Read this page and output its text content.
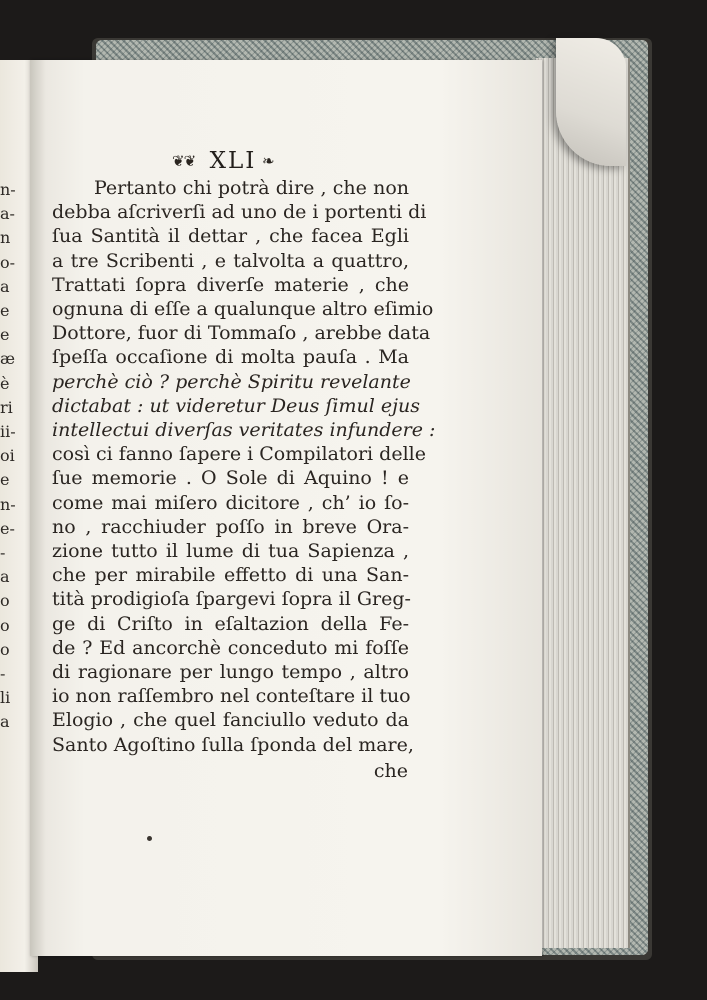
n-
a-
n
o-
a
e
e
æ
è
ri
ii-
oi
e
n-
e-
-
a
o
o
o
-
li
a
❦❦ XLI ❧
Pertanto chi potrà dire , che non
debba aſcriverſi ad uno de i portenti di
ſua Santità il dettar , che facea Egli
a tre Scribenti , e talvolta a quattro,
Trattati ſopra diverſe materie , che
ognuna di eſſe a qualunque altro eſimio
Dottore, fuor di Tommaſo , arebbe data
ſpeſſa occaſione di molta pauſa . Ma
perchè ciò ? perchè Spiritu revelante
dictabat : ut videretur Deus ſimul ejus
intellectui diverſas veritates infundere :
così ci fanno ſapere i Compilatori delle
ſue memorie . O Sole di Aquino ! e
come mai miſero dicitore , ch’ io ſo-
no , racchiuder poſſo in breve Ora-
zione tutto il lume di tua Sapienza ,
che per mirabile effetto di una San-
tità prodigioſa ſpargevi ſopra il Greg-
ge di Criſto in eſaltazion della Fe-
de ? Ed ancorchè conceduto mi foſſe
di ragionare per lungo tempo , altro
io non raſſembro nel conteſtare il tuo
Elogio , che quel fanciullo veduto da
Santo Agoſtino ſulla ſponda del mare,
che
